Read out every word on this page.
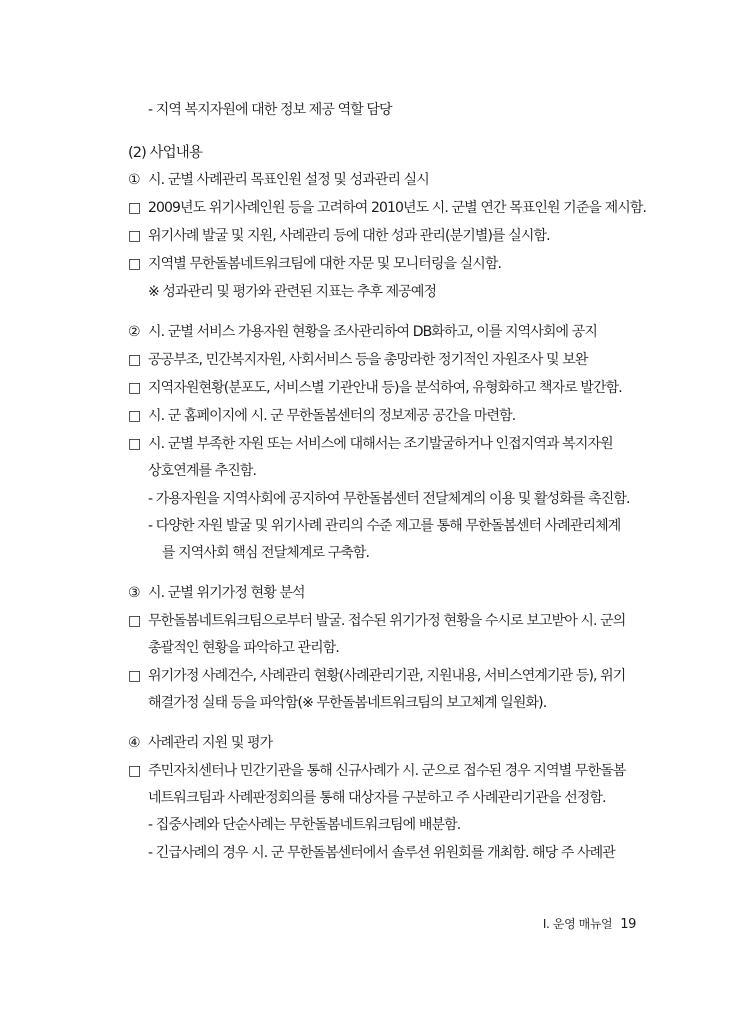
- 지역 복지자원에 대한 정보 제공 역할 담당
(2) 사업내용
① 시. 군별 사례관리 목표인원 설정 및 성과관리 실시
□ 2009년도 위기사례인원 등을 고려하여 2010년도 시. 군별 연간 목표인원 기준을 제시함.
□ 위기사례 발굴 및 지원, 사례관리 등에 대한 성과 관리(분기별)를 실시함.
□ 지역별 무한돌봄네트워크팀에 대한 자문 및 모니터링을 실시함.
※ 성과관리 및 평가와 관련된 지표는 추후 제공예정
② 시. 군별 서비스 가용자원 현황을 조사관리하여 DB화하고, 이를 지역사회에 공지
□ 공공부조, 민간복지자원, 사회서비스 등을 총망라한 정기적인 자원조사 및 보완
□ 지역자원현황(분포도, 서비스별 기관안내 등)을 분석하여, 유형화하고 책자로 발간함.
□ 시. 군 홈페이지에 시. 군 무한돌봄센터의 정보제공 공간을 마련함.
□ 시. 군별 부족한 자원 또는 서비스에 대해서는 조기발굴하거나 인접지역과 복지자원
상호연계를 추진함.
- 가용자원을 지역사회에 공지하여 무한돌봄센터 전달체계의 이용 및 활성화를 촉진함.
- 다양한 자원 발굴 및 위기사례 관리의 수준 제고를 통해 무한돌봄센터 사례관리체계
를 지역사회 핵심 전달체계로 구축함.
③ 시. 군별 위기가정 현황 분석
□ 무한돌봄네트워크팀으로부터 발굴. 접수된 위기가정 현황을 수시로 보고받아 시. 군의
총괄적인 현황을 파악하고 관리함.
□ 위기가정 사례건수, 사례관리 현황(사례관리기관, 지원내용, 서비스연계기관 등), 위기
해결가정 실태 등을 파악함(※ 무한돌봄네트워크팀의 보고체계 일원화).
④ 사례관리 지원 및 평가
□ 주민자치센터나 민간기관을 통해 신규사례가 시. 군으로 접수된 경우 지역별 무한돌봄
네트워크팀과 사례판정회의를 통해 대상자를 구분하고 주 사례관리기관을 선정함.
- 집중사례와 단순사례는 무한돌봄네트워크팀에 배분함.
- 긴급사례의 경우 시. 군 무한돌봄센터에서 솔루션 위원회를 개최함. 해당 주 사례관
Ⅰ. 운영 매뉴얼 19
